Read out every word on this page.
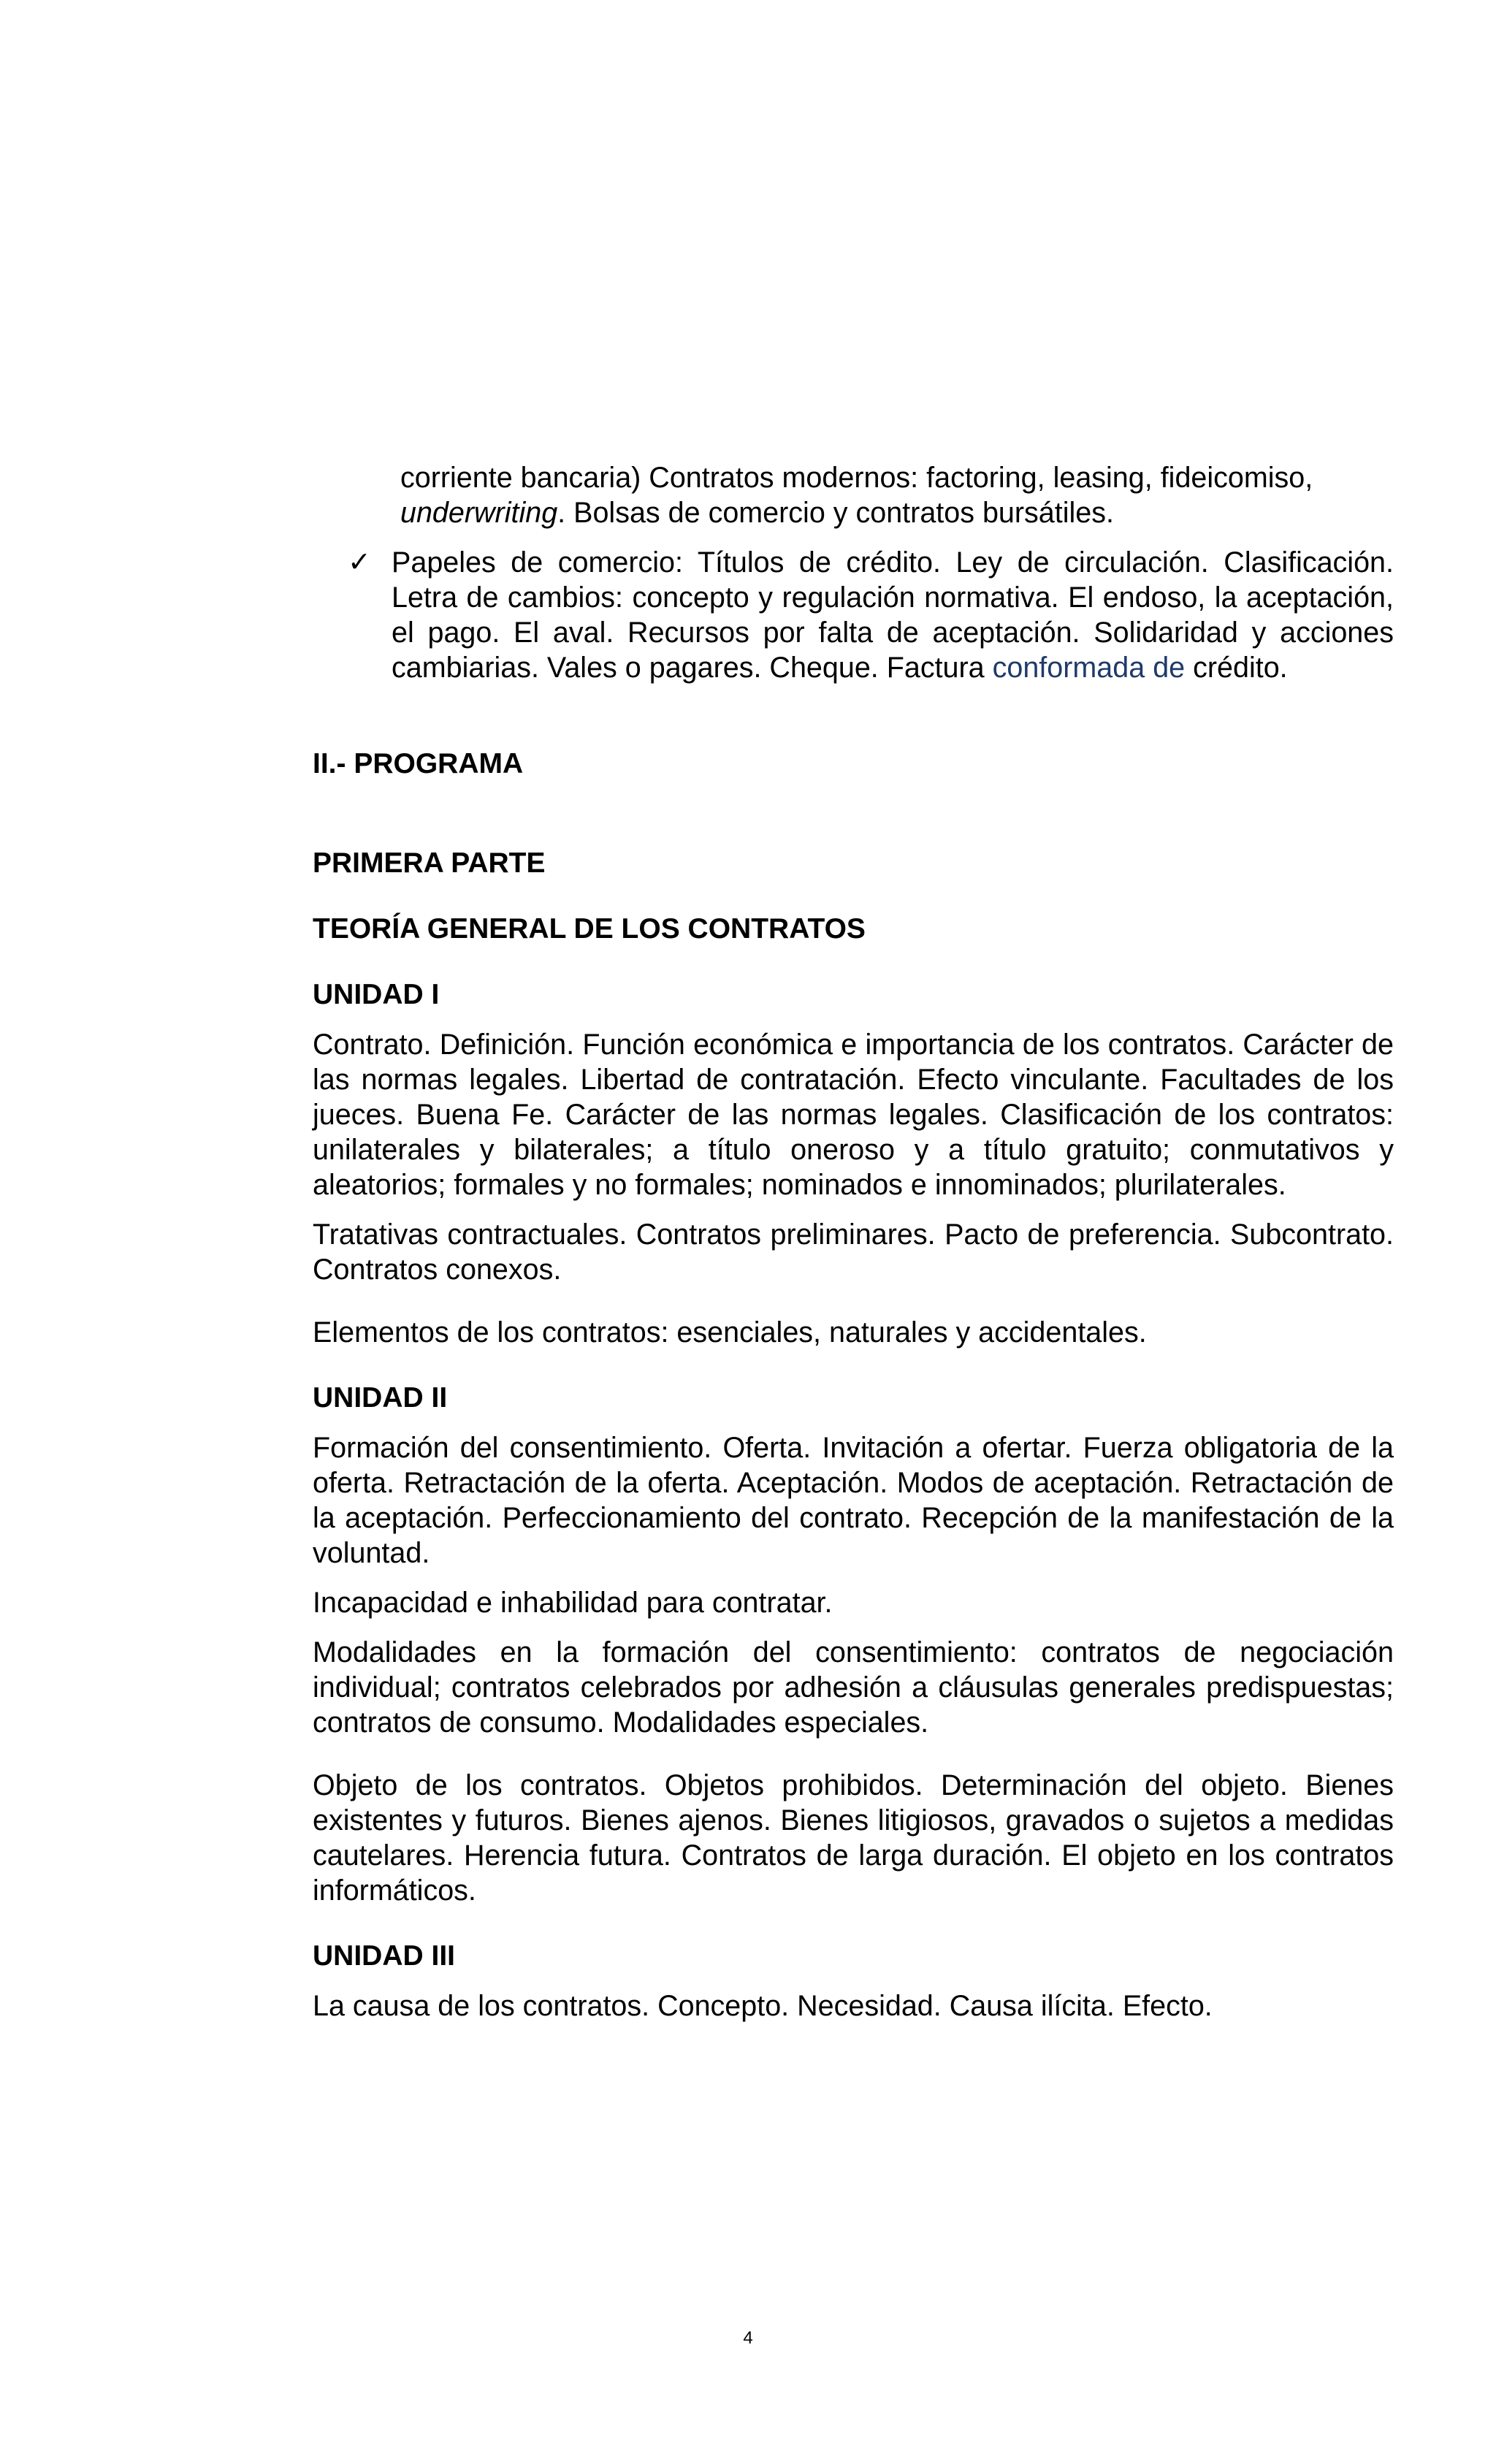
corriente bancaria) Contratos modernos: factoring, leasing, fideicomiso,
underwriting. Bolsas de comercio y contratos bursátiles.

✓ Papeles de comercio: Títulos de crédito. Ley de circulación. Clasificación. Letra de cambios: concepto y regulación normativa. El endoso, la aceptación, el pago. El aval. Recursos por falta de aceptación. Solidaridad y acciones cambiarias. Vales o pagares. Cheque. Factura conformada de crédito.

II.- PROGRAMA

PRIMERA PARTE

TEORÍA GENERAL DE LOS CONTRATOS

UNIDAD I

Contrato. Definición. Función económica e importancia de los contratos. Carácter de las normas legales. Libertad de contratación. Efecto vinculante. Facultades de los jueces. Buena Fe. Carácter de las normas legales. Clasificación de los contratos: unilaterales y bilaterales; a título oneroso y a título gratuito; conmutativos y aleatorios; formales y no formales; nominados e innominados; plurilaterales.

Tratativas contractuales. Contratos preliminares. Pacto de preferencia. Subcontrato. Contratos conexos.

Elementos de los contratos: esenciales, naturales y accidentales.

UNIDAD II

Formación del consentimiento. Oferta. Invitación a ofertar. Fuerza obligatoria de la oferta. Retractación de la oferta. Aceptación. Modos de aceptación. Retractación de la aceptación. Perfeccionamiento del contrato. Recepción de la manifestación de la voluntad.

Incapacidad e inhabilidad para contratar.

Modalidades en la formación del consentimiento: contratos de negociación individual; contratos celebrados por adhesión a cláusulas generales predispuestas; contratos de consumo. Modalidades especiales.

Objeto de los contratos. Objetos prohibidos. Determinación del objeto. Bienes existentes y futuros. Bienes ajenos. Bienes litigiosos, gravados o sujetos a medidas cautelares. Herencia futura. Contratos de larga duración. El objeto en los contratos informáticos.

UNIDAD III

La causa de los contratos. Concepto. Necesidad. Causa ilícita. Efecto.

4
